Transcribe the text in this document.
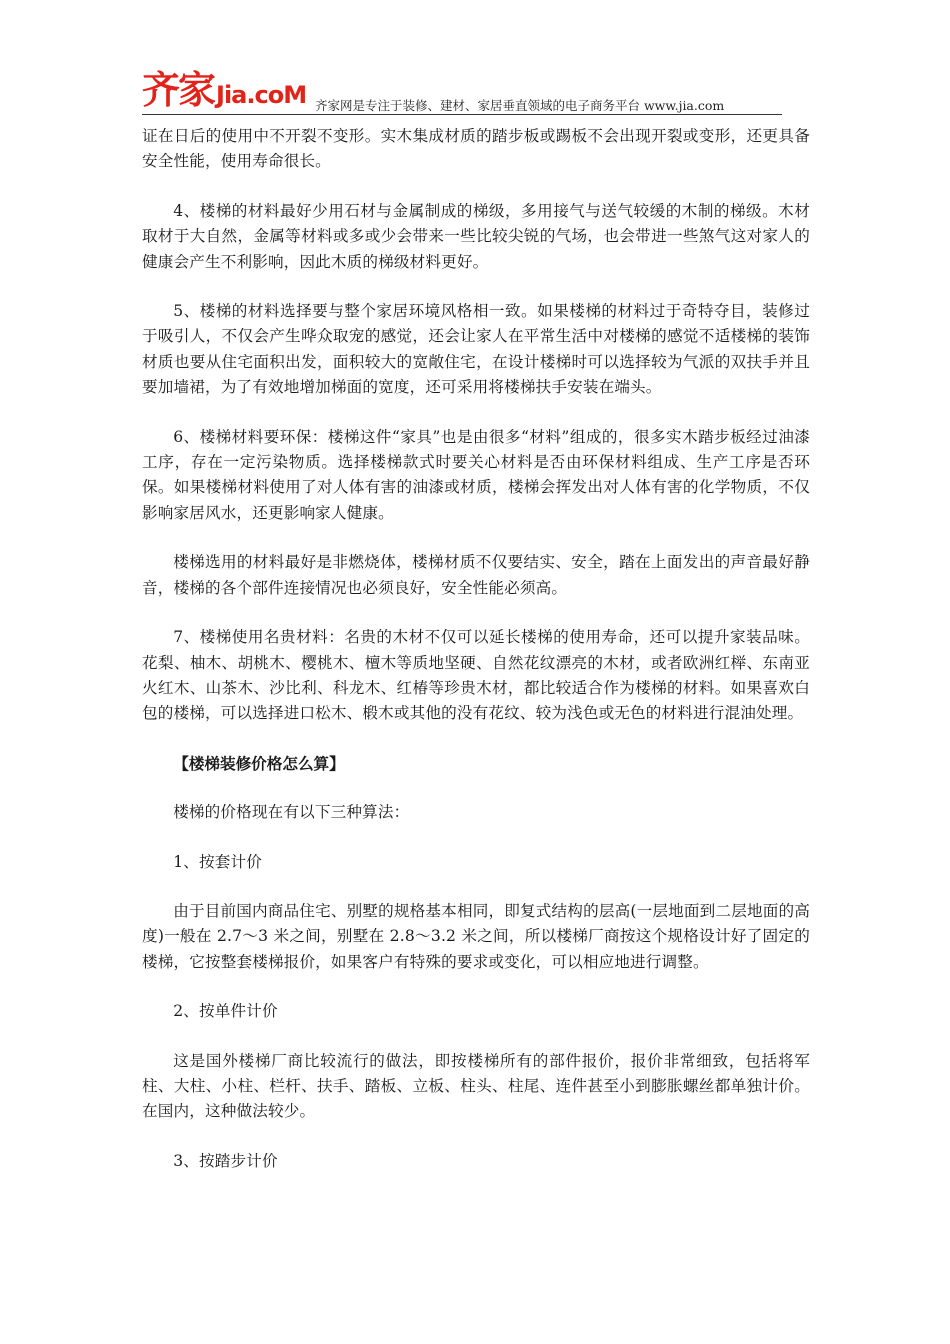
齐家 Jia.coM 齐家网是专注于装修、建材、家居垂直领域的电子商务平台 www.jia.com

证在日后的使用中不开裂不变形。实木集成材质的踏步板或踢板不会出现开裂或变形，还更具备安全性能，使用寿命很长。

4、楼梯的材料最好少用石材与金属制成的梯级，多用接气与送气较缓的木制的梯级。木材取材于大自然，金属等材料或多或少会带来一些比较尖锐的气场，也会带进一些煞气这对家人的健康会产生不利影响，因此木质的梯级材料更好。

5、楼梯的材料选择要与整个家居环境风格相一致。如果楼梯的材料过于奇特夺目，装修过于吸引人，不仅会产生哗众取宠的感觉，还会让家人在平常生活中对楼梯的感觉不适楼梯的装饰材质也要从住宅面积出发，面积较大的宽敞住宅，在设计楼梯时可以选择较为气派的双扶手并且要加墙裙，为了有效地增加梯面的宽度，还可采用将楼梯扶手安装在端头。

6、楼梯材料要环保：楼梯这件“家具”也是由很多“材料”组成的，很多实木踏步板经过油漆工序，存在一定污染物质。选择楼梯款式时要关心材料是否由环保材料组成、生产工序是否环保。如果楼梯材料使用了对人体有害的油漆或材质，楼梯会挥发出对人体有害的化学物质，不仅影响家居风水，还更影响家人健康。

楼梯选用的材料最好是非燃烧体，楼梯材质不仅要结实、安全，踏在上面发出的声音最好静音，楼梯的各个部件连接情况也必须良好，安全性能必须高。

7、楼梯使用名贵材料：名贵的木材不仅可以延长楼梯的使用寿命，还可以提升家装品味。花梨、柚木、胡桃木、樱桃木、檀木等质地坚硬、自然花纹漂亮的木材，或者欧洲红榉、东南亚火红木、山茶木、沙比利、科龙木、红椿等珍贵木材，都比较适合作为楼梯的材料。如果喜欢白包的楼梯，可以选择进口松木、椴木或其他的没有花纹、较为浅色或无色的材料进行混油处理。

【楼梯装修价格怎么算】

楼梯的价格现在有以下三种算法：

1、按套计价

由于目前国内商品住宅、别墅的规格基本相同，即复式结构的层高(一层地面到二层地面的高度)一般在 2.7～3 米之间，别墅在 2.8～3.2 米之间，所以楼梯厂商按这个规格设计好了固定的楼梯，它按整套楼梯报价，如果客户有特殊的要求或变化，可以相应地进行调整。

2、按单件计价

这是国外楼梯厂商比较流行的做法，即按楼梯所有的部件报价，报价非常细致，包括将军柱、大柱、小柱、栏杆、扶手、踏板、立板、柱头、柱尾、连件甚至小到膨胀螺丝都单独计价。在国内，这种做法较少。

3、按踏步计价
